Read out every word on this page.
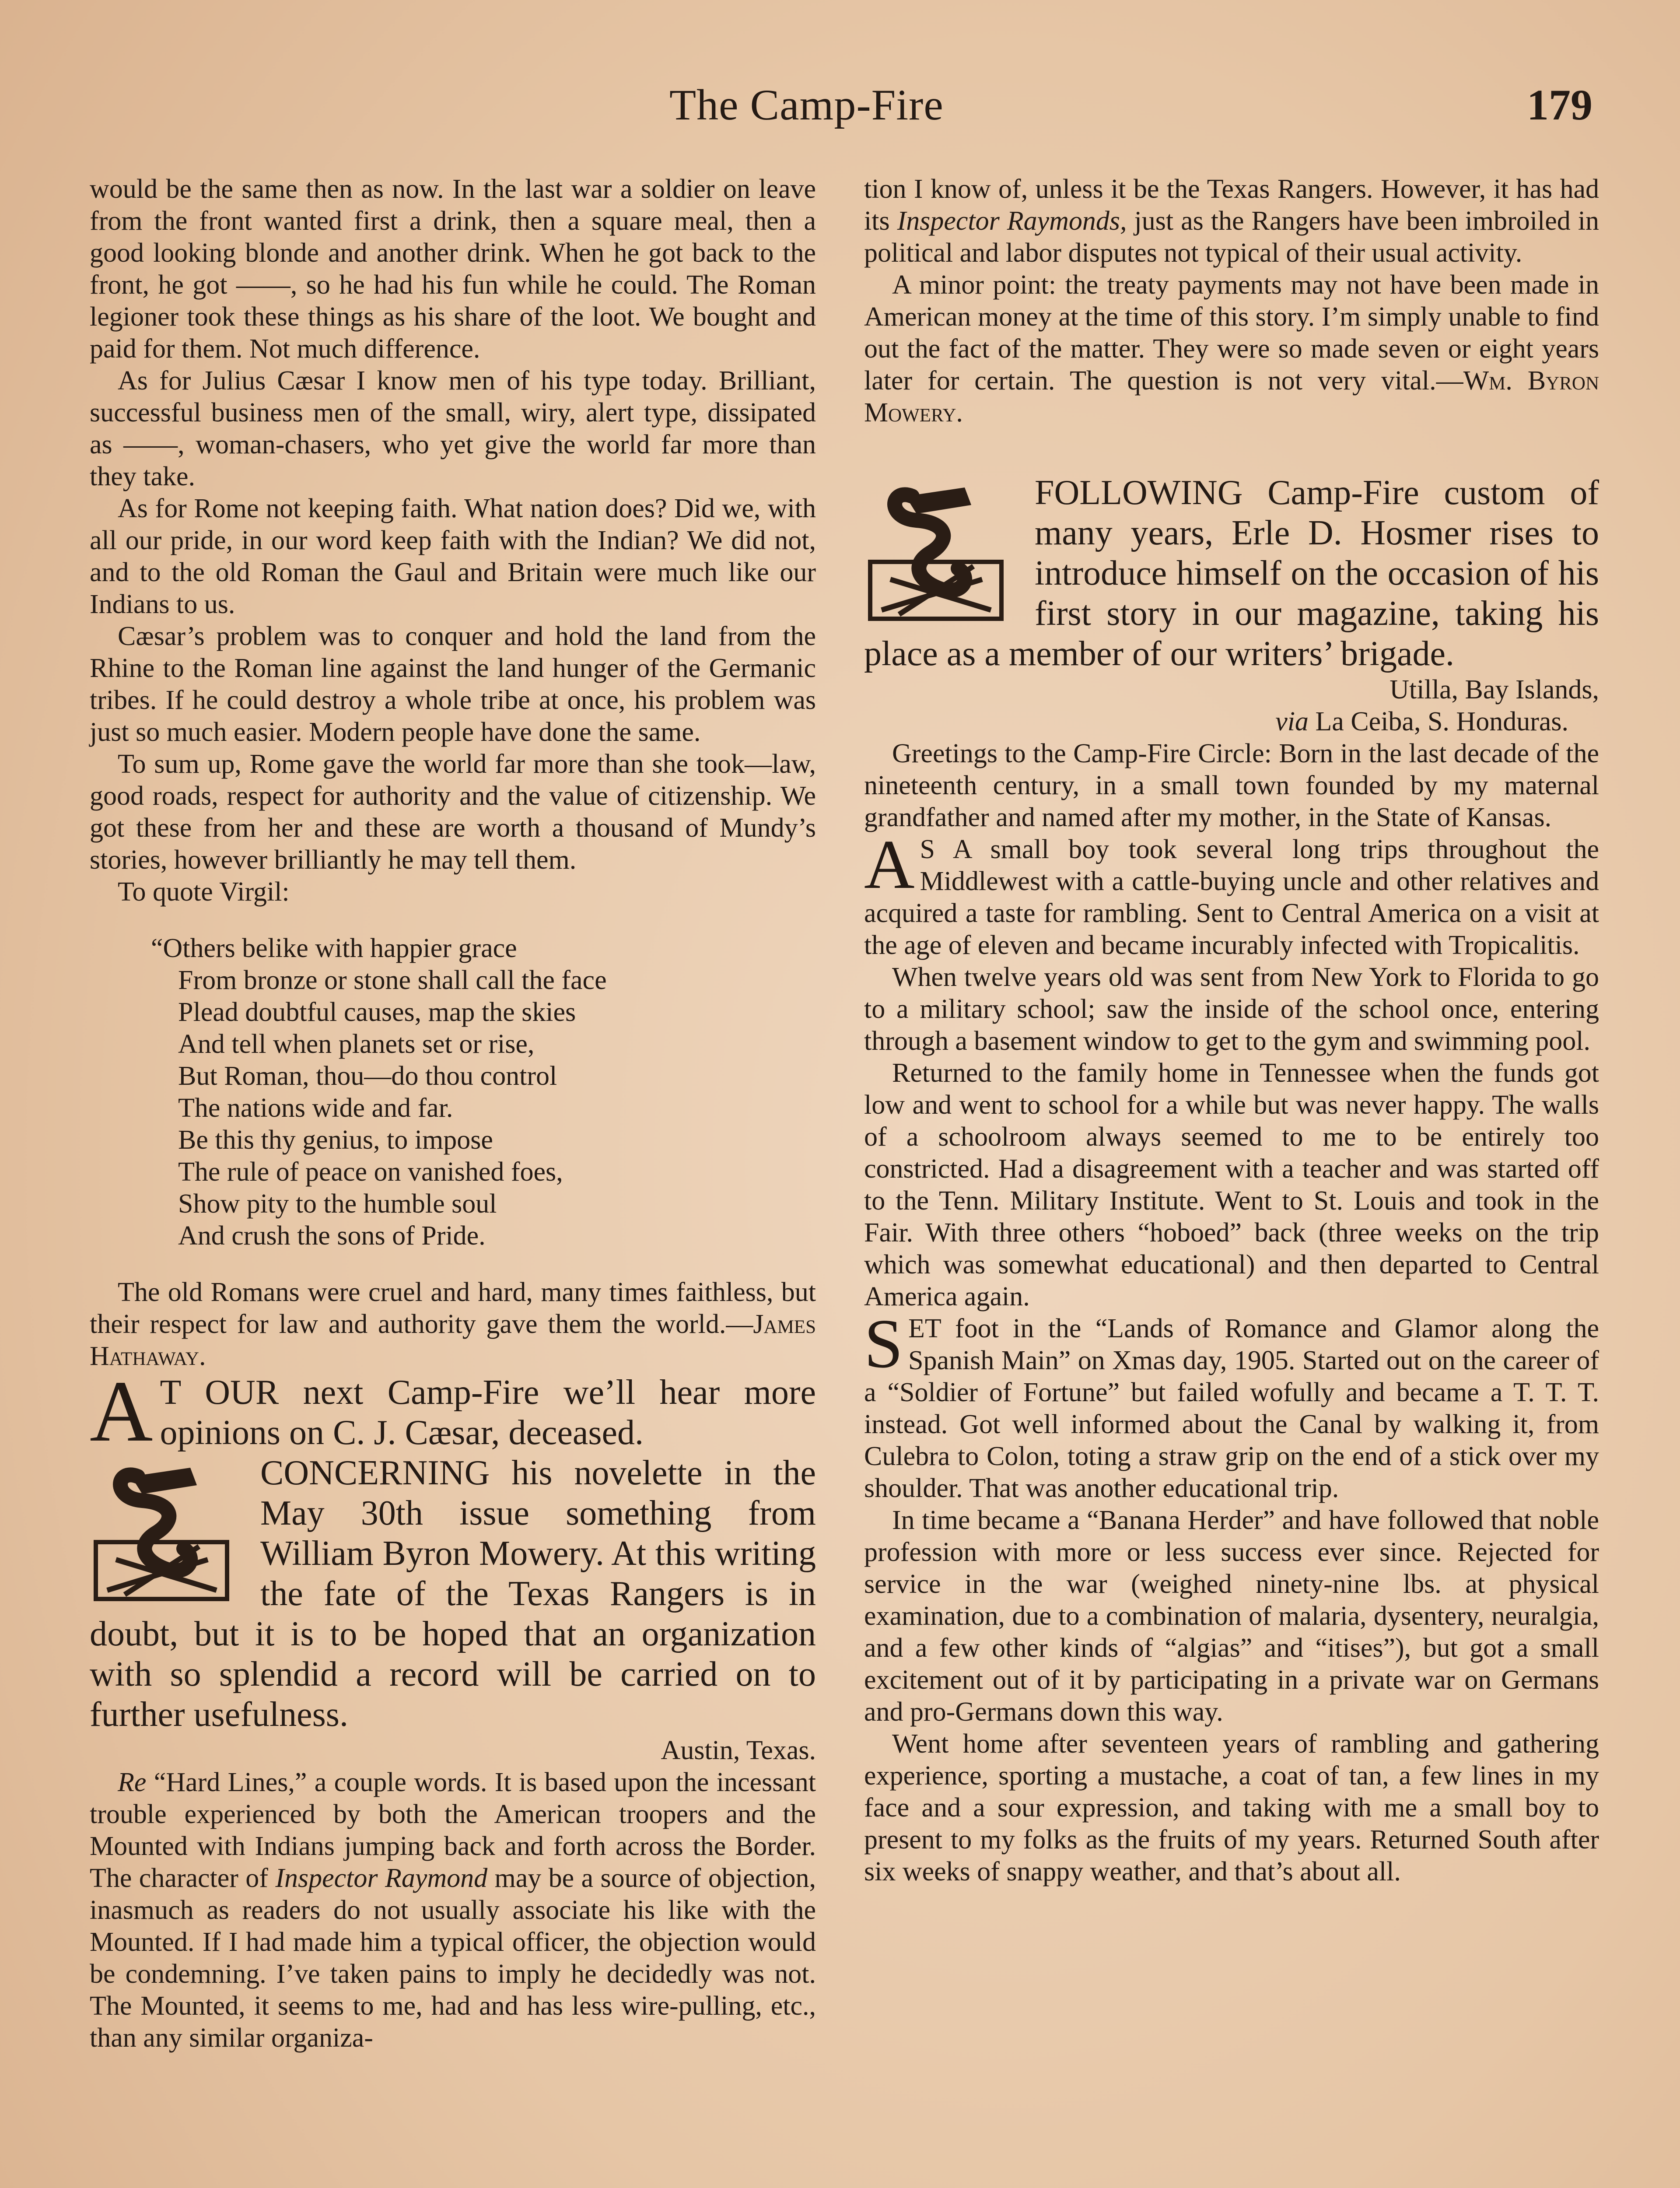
The Camp-Fire	179

would be the same then as now. In the last war a soldier on leave from the front wanted first a drink, then a square meal, then a good looking blonde and another drink. When he got back to the front, he got ——, so he had his fun while he could. The Roman legioner took these things as his share of the loot. We bought and paid for them. Not much difference.

As for Julius Cæsar I know men of his type today. Brilliant, successful business men of the small, wiry, alert type, dissipated as ——, woman-chasers, who yet give the world far more than they take.

As for Rome not keeping faith. What nation does? Did we, with all our pride, in our word keep faith with the Indian? We did not, and to the old Roman the Gaul and Britain were much like our Indians to us.

Cæsar’s problem was to conquer and hold the land from the Rhine to the Roman line against the land hunger of the Germanic tribes. If he could destroy a whole tribe at once, his problem was just so much easier. Modern people have done the same.

To sum up, Rome gave the world far more than she took—law, good roads, respect for authority and the value of citizenship. We got these from her and these are worth a thousand of Mundy’s stories, however brilliantly he may tell them.

To quote Virgil:

“Others belike with happier grace
From bronze or stone shall call the face
Plead doubtful causes, map the skies
And tell when planets set or rise,
But Roman, thou—do thou control
The nations wide and far.
Be this thy genius, to impose
The rule of peace on vanished foes,
Show pity to the humble soul
And crush the sons of Pride.

The old Romans were cruel and hard, many times faithless, but their respect for law and authority gave them the world.—James Hathaway.

A T OUR next Camp-Fire we’ll hear more opinions on C. J. Cæsar, deceased.

CONCERNING his novelette in the May 30th issue something from William Byron Mowery. At this writing the fate of the Texas Rangers is in doubt, but it is to be hoped that an organization with so splendid a record will be carried on to further usefulness.

Austin, Texas.

Re “Hard Lines,” a couple words. It is based upon the incessant trouble experienced by both the American troopers and the Mounted with Indians jumping back and forth across the Border. The character of Inspector Raymond may be a source of objection, inasmuch as readers do not usually associate his like with the Mounted. If I had made him a typical officer, the objection would be condemning. I’ve taken pains to imply he decidedly was not. The Mounted, it seems to me, had and has less wire-pulling, etc., than any similar organiza-

tion I know of, unless it be the Texas Rangers. However, it has had its Inspector Raymonds, just as the Rangers have been imbroiled in political and labor disputes not typical of their usual activity.

A minor point: the treaty payments may not have been made in American money at the time of this story. I’m simply unable to find out the fact of the matter. They were so made seven or eight years later for certain. The question is not very vital.—Wm. Byron Mowery.

FOLLOWING Camp-Fire custom of many years, Erle D. Hosmer rises to introduce himself on the occasion of his first story in our magazine, taking his place as a member of our writers’ brigade.

Utilla, Bay Islands,

via La Ceiba, S. Honduras.

Greetings to the Camp-Fire Circle: Born in the last decade of the nineteenth century, in a small town founded by my maternal grandfather and named after my mother, in the State of Kansas.

A S A small boy took several long trips throughout the Middlewest with a cattle-buying uncle and other relatives and acquired a taste for rambling. Sent to Central America on a visit at the age of eleven and became incurably infected with Tropicalitis.

When twelve years old was sent from New York to Florida to go to a military school; saw the inside of the school once, entering through a basement window to get to the gym and swimming pool.

Returned to the family home in Tennessee when the funds got low and went to school for a while but was never happy. The walls of a schoolroom always seemed to me to be entirely too constricted. Had a disagreement with a teacher and was started off to the Tenn. Military Institute. Went to St. Louis and took in the Fair. With three others “hoboed” back (three weeks on the trip which was somewhat educational) and then departed to Central America again.

SET foot in the “Lands of Romance and Glamor along the Spanish Main” on Xmas day, 1905. Started out on the career of a “Soldier of Fortune” but failed wofully and became a T. T. T. instead. Got well informed about the Canal by walking it, from Culebra to Colon, toting a straw grip on the end of a stick over my shoulder. That was another educational trip.

In time became a “Banana Herder” and have followed that noble profession with more or less success ever since. Rejected for service in the war (weighed ninety-nine lbs. at physical examination, due to a combination of malaria, dysentery, neuralgia, and a few other kinds of “algias” and “itises”), but got a small excitement out of it by participating in a private war on Germans and pro-Germans down this way.

Went home after seventeen years of rambling and gathering experience, sporting a mustache, a coat of tan, a few lines in my face and a sour expression, and taking with me a small boy to present to my folks as the fruits of my years. Returned South after six weeks of snappy weather, and that’s about all.
